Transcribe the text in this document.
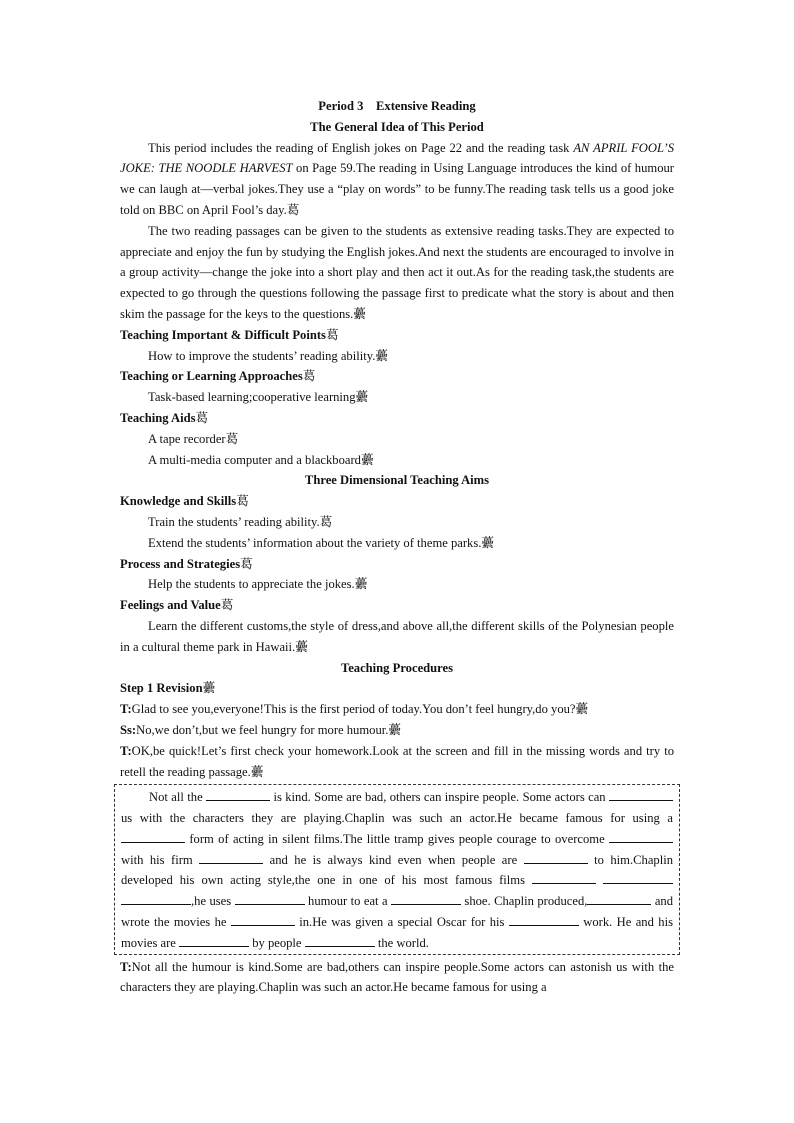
Period 3    Extensive Reading

The General Idea of This Period

This period includes the reading of English jokes on Page 22 and the reading task AN APRIL FOOL’S JOKE: THE NOODLE HARVEST on Page 59.The reading in Using Language introduces the kind of humour we can laugh at—verbal jokes.They use a “play on words” to be funny.The reading task tells us a good joke told on BBC on April Fool’s day.葛

The two reading passages can be given to the students as extensive reading tasks.They are expected to appreciate and enjoy the fun by studying the English jokes.And next the students are encouraged to involve in a group activity—change the joke into a short play and then act it out.As for the reading task,the students are expected to go through the questions following the passage first to predicate what the story is about and then skim the passage for the keys to the questions.虆

Teaching Important & Difficult Points葛

How to improve the students’ reading ability.虆

Teaching or Learning Approaches葛

Task-based learning;cooperative learning虆

Teaching Aids葛

A tape recorder葛

A multi-media computer and a blackboard虆

Three Dimensional Teaching Aims

Knowledge and Skills葛

Train the students’ reading ability.葛

Extend the students’ information about the variety of theme parks.虆

Process and Strategies葛

Help the students to appreciate the jokes.虆

Feelings and Value葛

Learn the different customs,the style of dress,and above all,the different skills of the Polynesian people in a cultural theme park in Hawaii.虆

Teaching Procedures

Step 1 Revision虆

T:Glad to see you,everyone!This is the first period of today.You don’t feel hungry,do you?虆

Ss:No,we don’t,but we feel hungry for more humour.虆

T:OK,be quick!Let’s first check your homework.Look at the screen and fill in the missing words and try to retell the reading passage.虆

Not all the	is kind. Some are bad, others can inspire people. Some actors can  us with the characters they are playing.Chaplin was such an actor.He became famous for using a  form of acting in silent films.The little tramp gives people courage to overcome  with his firm	and he is always kind even when people are	to him.Chaplin developed his own acting style,the one in one of his most famous films   ,he uses	humour to eat a	shoe. Chaplin produced,	and wrote the movies he	in.He was given a special Oscar for his	work. He and his movies are	by people	the world.

T:Not all the humour is kind.Some are bad,others can inspire people.Some actors can astonish us with the characters they are playing.Chaplin was such an actor.He became famous for using a
